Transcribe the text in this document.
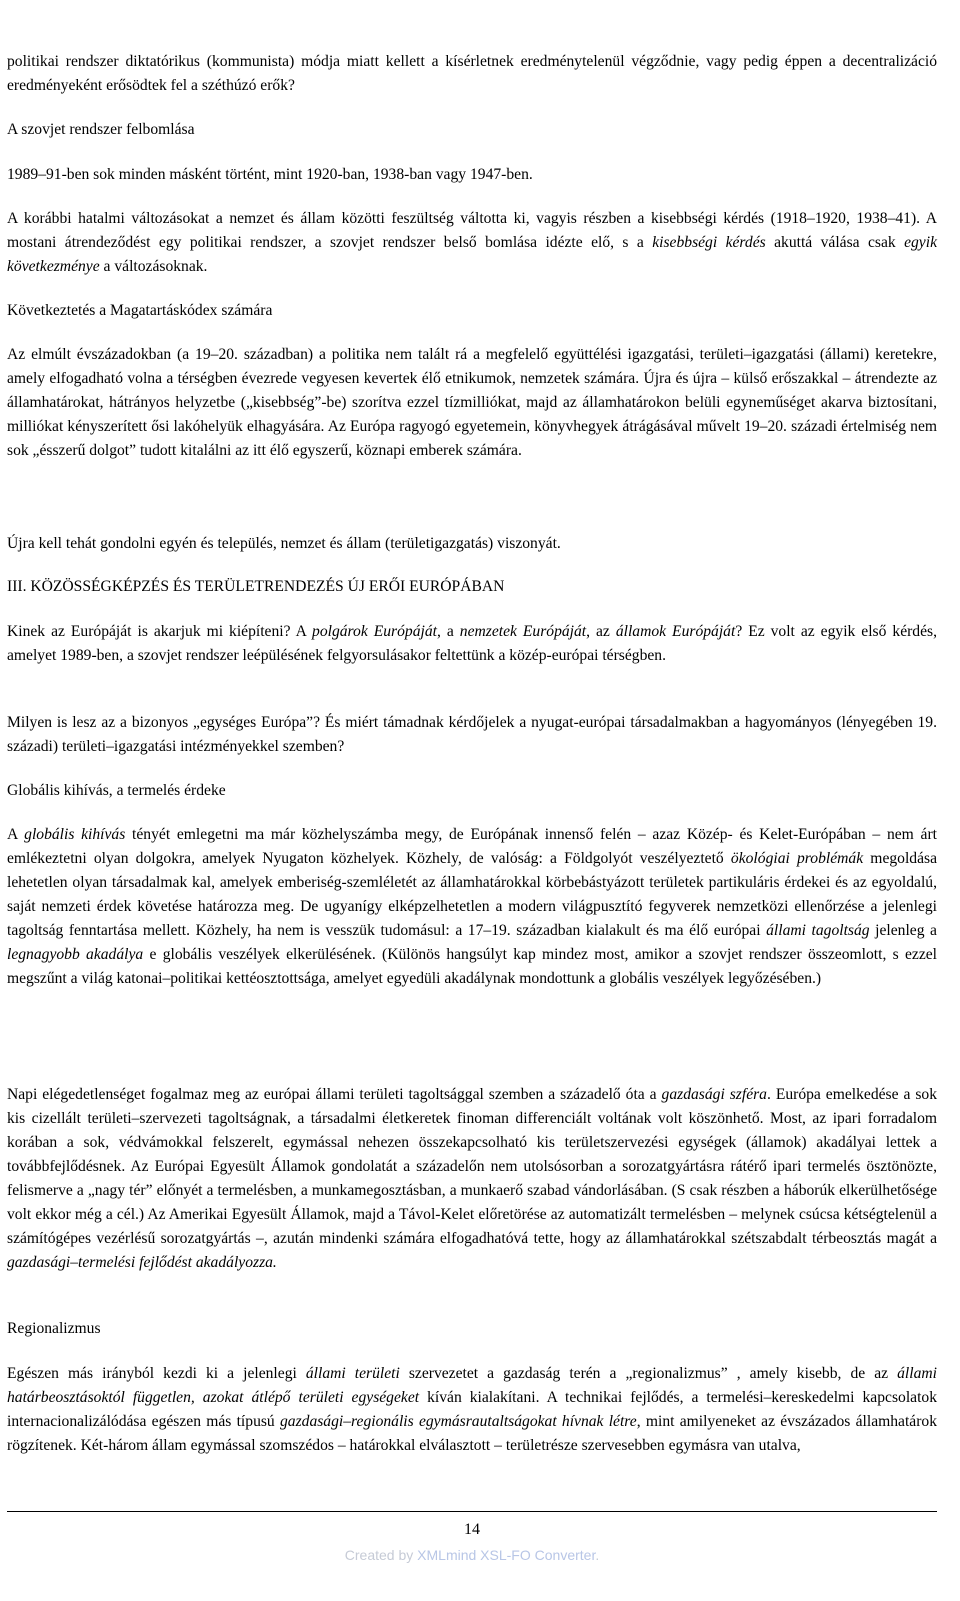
politikai rendszer diktatórikus (kommunista) módja miatt kellett a kísérletnek eredménytelenül végződnie, vagy pedig éppen a decentralizáció eredményeként erősödtek fel a széthúzó erők?

A szovjet rendszer felbomlása

1989–91-ben sok minden másként történt, mint 1920-ban, 1938-ban vagy 1947-ben.

A korábbi hatalmi változásokat a nemzet és állam közötti feszültség váltotta ki, vagyis részben a kisebbségi kérdés (1918–1920, 1938–41). A mostani átrendeződést egy politikai rendszer, a szovjet rendszer belső bomlása idézte elő, s a kisebbségi kérdés akuttá válása csak egyik következménye a változásoknak.

Következtetés a Magatartáskódex számára

Az elmúlt évszázadokban (a 19–20. században) a politika nem talált rá a megfelelő együttélési igazgatási, területi–igazgatási (állami) keretekre, amely elfogadható volna a térségben évezrede vegyesen kevertek élő etnikumok, nemzetek számára. Újra és újra – külső erőszakkal – átrendezte az államhatárokat, hátrányos helyzetbe („kisebbség”-be) szorítva ezzel tízmilliókat, majd az államhatárokon belüli egyneműséget akarva biztosítani, milliókat kényszerített ősi lakóhelyük elhagyására. Az Európa ragyogó egyetemein, könyvhegyek átrágásával művelt 19–20. századi értelmiség nem sok „ésszerű dolgot” tudott kitalálni az itt élő egyszerű, köznapi emberek számára.

Újra kell tehát gondolni egyén és település, nemzet és állam (területigazgatás) viszonyát.

III. KÖZÖSSÉGKÉPZÉS ÉS TERÜLETRENDEZÉS ÚJ ERŐI EURÓPÁBAN

Kinek az Európáját is akarjuk mi kiépíteni? A polgárok Európáját, a nemzetek Európáját, az államok Európáját? Ez volt az egyik első kérdés, amelyet 1989-ben, a szovjet rendszer leépülésének felgyorsulásakor feltettünk a közép-európai térségben.

Milyen is lesz az a bizonyos „egységes Európa”? És miért támadnak kérdőjelek a nyugat-európai társadalmakban a hagyományos (lényegében 19. századi) területi–igazgatási intézményekkel szemben?

Globális kihívás, a termelés érdeke

A globális kihívás tényét emlegetni ma már közhelyszámba megy, de Európának innenső felén – azaz Közép- és Kelet-Európában – nem árt emlékeztetni olyan dolgokra, amelyek Nyugaton közhelyek. Közhely, de valóság: a Földgolyót veszélyeztető ökológiai problémák megoldása lehetetlen olyan társadalmak kal, amelyek emberiség-szemléletét az államhatárokkal körbebástyázott területek partikuláris érdekei és az egyoldalú, saját nemzeti érdek követése határozza meg. De ugyanígy elképzelhetetlen a modern világpusztító fegyverek nemzetközi ellenőrzése a jelenlegi tagoltság fenntartása mellett. Közhely, ha nem is vesszük tudomásul: a 17–19. században kialakult és ma élő európai állami tagoltság jelenleg a legnagyobb akadálya e globális veszélyek elkerülésének. (Különös hangsúlyt kap mindez most, amikor a szovjet rendszer összeomlott, s ezzel megszűnt a világ katonai–politikai kettéosztottsága, amelyet egyedüli akadálynak mondottunk a globális veszélyek legyőzésében.)

Napi elégedetlenséget fogalmaz meg az európai állami területi tagoltsággal szemben a századelő óta a gazdasági szféra. Európa emelkedése a sok kis cizellált területi–szervezeti tagoltságnak, a társadalmi életkeretek finoman differenciált voltának volt köszönhető. Most, az ipari forradalom korában a sok, védvámokkal felszerelt, egymással nehezen összekapcsolható kis területszervezési egységek (államok) akadályai lettek a továbbfejlődésnek. Az Európai Egyesült Államok gondolatát a századelőn nem utolsósorban a sorozatgyártásra rátérő ipari termelés ösztönözte, felismerve a „nagy tér” előnyét a termelésben, a munkamegosztásban, a munkaerő szabad vándorlásában. (S csak részben a háborúk elkerülhetősége volt ekkor még a cél.) Az Amerikai Egyesült Államok, majd a Távol-Kelet előretörése az automatizált termelésben – melynek csúcsa kétségtelenül a számítógépes vezérlésű sorozatgyártás –, azután mindenki számára elfogadhatóvá tette, hogy az államhatárokkal szétszabdalt térbeosztás magát a gazdasági–termelési fejlődést akadályozza.

Regionalizmus

Egészen más irányból kezdi ki a jelenlegi állami területi szervezetet a gazdaság terén a „regionalizmus” , amely kisebb, de az állami határbeosztásoktól független, azokat átlépő területi egységeket kíván kialakítani. A technikai fejlődés, a termelési–kereskedelmi kapcsolatok internacionalizálódása egészen más típusú gazdasági–regionális egymásrautaltságokat hívnak létre, mint amilyeneket az évszázados államhatárok rögzítenek. Két-három állam egymással szomszédos – határokkal elválasztott – területrésze szervesebben egymásra van utalva,

14
Created by XMLmind XSL-FO Converter.
